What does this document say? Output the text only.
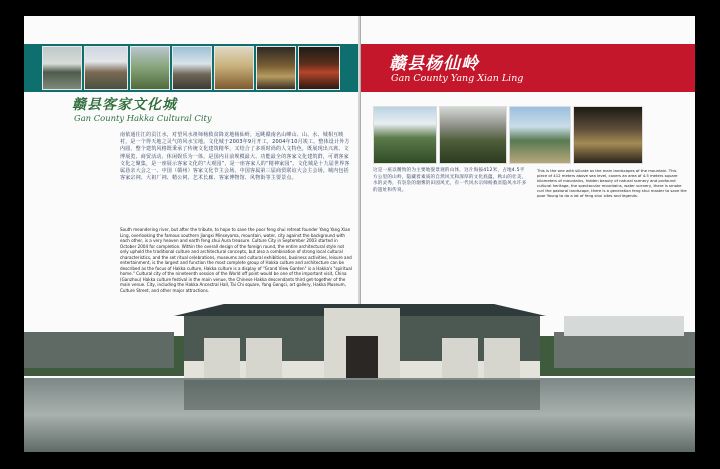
赣县客家文化城
Gan County Hakka Cultural City
南依通往江的贡江水，对望风水祖师杨救贫降龙地杨仙岭，远眺赣南名山峰山、山、水、城相互映衬，是一个得天地之灵气的风水宝地。文化城于2003年9月开工，2004年10月竣工。整体设计外方内圆，整个建筑风格既秉承了传统文化建筑精华，又结合了多项时尚的人文特色，既展现出兴席、文博展览、商贸活动、休闲娱乐为一体，是国内目前规模最大、功能最全的客家文化建筑群，可谓客家文化之聚集，是一座展示客家文化的“大观园”，是一座客家人的“精神家园”。文化城是十九届世界客属恳亲大会之一、中国（赣州）客家文化节主会场、中国客属第三届商贸联谊大会主会场。城内包括客家宗祠、大祖厂祠、精公祠、艺术长廊、客家博物馆、风物街等主要景点。
South meandering river, but after the tribute, to hope to save the poor feng shui retreat founder Yang Yang Xian Ling, overlooking the famous southern Jiangxi Minseyama, mountain, water, city against the background with each other, is a very heaven and earth feng shui Aura treasure. Culture City in September 2003 started in October 2004 for completion. Within the overall design of the foreign round, the entire architectural style not only uphold the traditional culture and architectural concepts, but also a combination of strong local cultural characteristics, and the set ritual celebrations, museums and cultural exhibitions, business activities, leisure and entertainment, is the largest and function the most complete group of Hakka culture and architecture can be described as the focus of Hakka culture, Hakka culture is a display of "Grand View Garden" is a Hakka's "spiritual home." Cultural city of the nineteenth session of the World off point would be one of the important visit, China (Ganzhou) Hakka culture festival in the main venue, the Chinese Hakka descendants third get-together of the main venue. City, including the Hakka Ancestral Hall, Tai Chi square, Yang Gongci, art gallery, Hakka Museum, Culture Street, and other major attractions.
赣县杨仙岭
Gan County Yang Xian Ling
这是一座以精致的为主要地貌景观的山体，这片海拔412米，占地4.5平方公里的山岭，隐藏着素质的自然风光和深厚的文化底蕴，秋山的壮美，水的灵秀，有袅袅的烟雾的田园风光，有一代风水宗师杨救贫隐风水许多的遗址和传说。
This is the one with silicate as the main landscapes of the mountain. This piece of 412 meters above sea level, covers an area of 4.5 meters square kilometers of mountains, hidden beauty of natural scenery and profound cultural heritage, the spectacular mountains, water scenery, there is smoke curl the pastoral landscape, there is a generation feng shui master to save the poor Young to do a lot of feng shui sites and legends.
